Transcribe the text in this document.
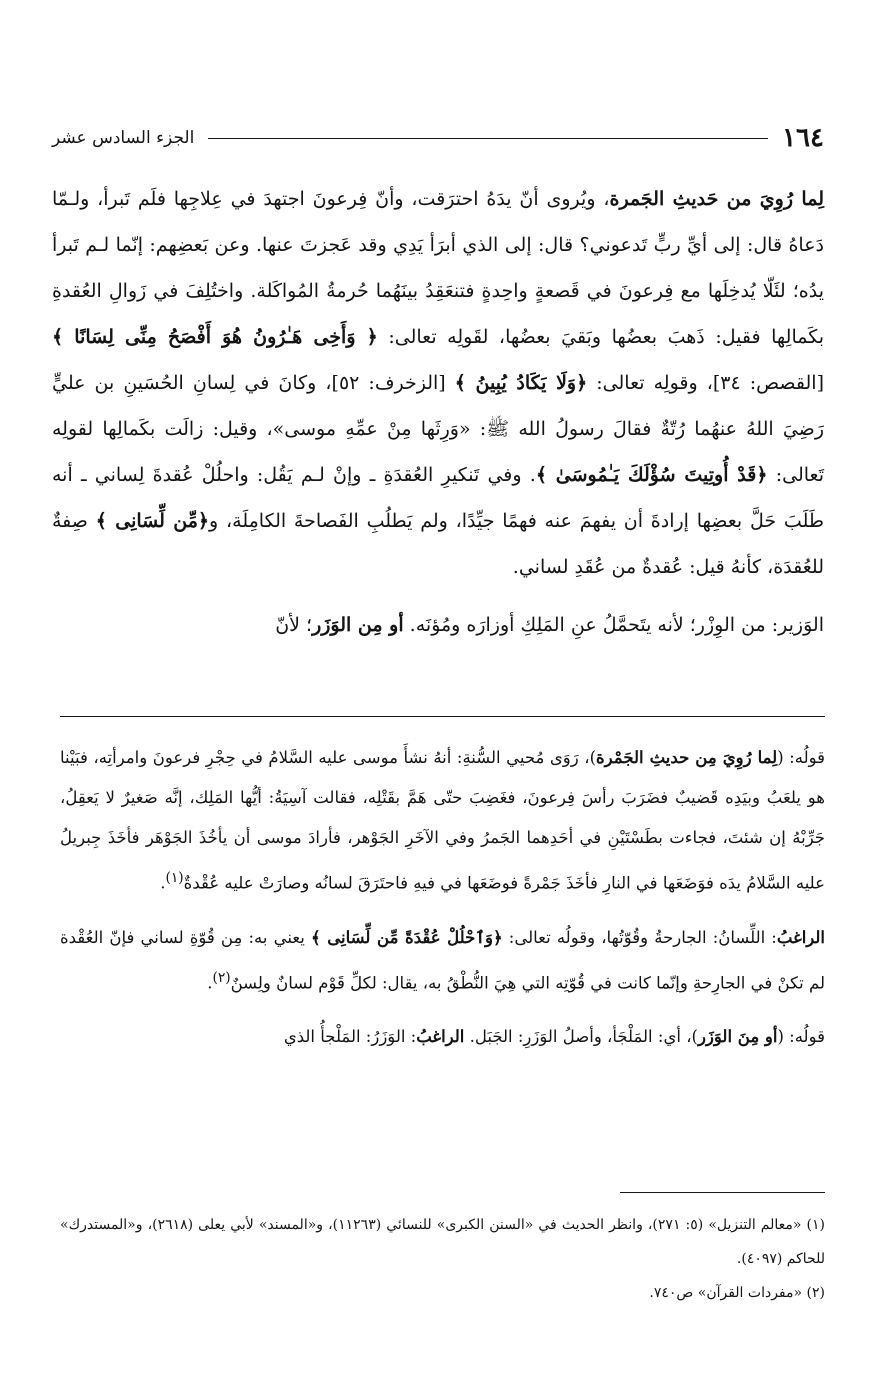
١٦٤
الجزء السادس عشر

لِما رُوِيَ من حَديثِ الجَمرة، ويُروى أنّ يدَهُ احترَقت، وأنّ فِرعونَ اجتهدَ في عِلاجِها فلَم تَبرأ، ولـمّا دَعاهُ قال: إلى أيِّ ربٍّ تَدعوني؟ قال: إلى الذي أبرَأ يَدِي وقد عَجزتَ عنها. وعن بَعضِهم: إنّما لـم تَبرأ يدُه؛ لئَلّا يُدخِلَها مع فِرعونَ في قَصعةٍ واحِدةٍ فتنعَقِدُ بينَهُما حُرمةُ المُواكَلة. واختُلِفَ في زَوالِ العُقدةِ بكَمالِها فقيل: ذَهبَ بعضُها وبَقيَ بعضُها، لقَولِه تعالى: ﴿ وَأَخِى هَـٰرُونُ هُوَ أَفْصَحُ مِنِّى لِسَانًا ﴾ [القصص: ٣٤]، وقولِه تعالى: ﴿وَلَا يَكَادُ يُبِينُ ﴾ [الزخرف: ٥٢]، وكانَ في لِسانِ الحُسَينِ بن عليٍّ رَضِيَ اللهُ عنهُما رُتّةٌ فقالَ رسولُ الله ﷺ: «وَرِثَها مِنْ عمِّهِ موسى»، وقيل: زالَت بكَمالِها لقولِه تَعالى: ﴿قَدْ أُوتِيتَ سُؤْلَكَ يَـٰمُوسَىٰ ﴾. وفي تَنكيرِ العُقدَةِ ـ وإنْ لـم يَقُل: واحلُلْ عُقدةَ لِساني ـ أنه طَلَبَ حَلَّ بعضِها إرادةَ أن يفهمَ عنه فهمًا جيِّدًا، ولم يَطلُبِ الفَصاحةَ الكامِلَة، و﴿مِّن لِّسَانِى ﴾ صِفةٌ للعُقدَة، كأنهُ قيل: عُقدةٌ من عُقَدِ لساني.

الوَزير: من الوِزْر؛ لأنه يتَحمَّلُ عنِ المَلِكِ أوزارَه ومُؤنَه. أو مِن الوَزَر؛ لأنّ

قولُه: (لِما رُوِيَ مِن حديثِ الجَمْرة)، رَوَى مُحيي السُّنةِ: أنهُ نشأَ موسى عليه السَّلامُ في حِجْرِ فرعونَ وامرأتِه، فبَيْنا هو يلعَبُ وبيَدِه قَضيبٌ فضَرَبَ رأسَ فِرعونَ، فغَضِبَ حتّى هَمَّ بقَتْلِه، فقالت آسِيَةُ: أيُّها المَلِك، إنَّه صَغيرٌ لا يَعقِلُ، جَرِّبْهُ إن شئتَ، فجاءت بطَسْتَيْنِ في أحَدِهما الجَمرُ وفي الآخَرِ الجَوْهر، فأرادَ موسى أن يأخُذَ الجَوْهَر فأخَذَ جِبريلُ عليه السَّلامُ يدَه فوَضَعَها في النارِ فأخَذَ جَمْرةً فوضَعَها في فيهِ فاحتَرَقَ لسانُه وصارَتْ عليه عُقْدةٌ$^{(١)}$.

الراغبُ: اللِّسانُ: الجارحةُ وقُوّتُها، وقولُه تعالى: ﴿وَٱحْلُلْ عُقْدَةً مِّن لِّسَانِى ﴾ يعني به: مِن قُوّةِ لساني فإنّ العُقْدة لم تكنْ في الجارِحةِ وإنّما كانت في قُوّتِه التي هِيَ النُّطْقُ به، يقال: لكلِّ قَوْم لسانٌ ولِسنٌ$^{(٢)}$.

قولُه: (أو مِنَ الوَزَر)، أي: المَلْجَأ، وأصلُ الوَزَرِ: الجَبَل. الراغبُ: الوَزَرُ: المَلْجأُ الذي

(١) «معالم التنزيل» (٥: ٢٧١)، وانظر الحديث في «السنن الكبرى» للنسائي (١١٢٦٣)، و«المسند» لأبي يعلى (٢٦١٨)، و«المستدرك» للحاكم (٤٠٩٧).

(٢) «مفردات القرآن» ص٧٤٠.
